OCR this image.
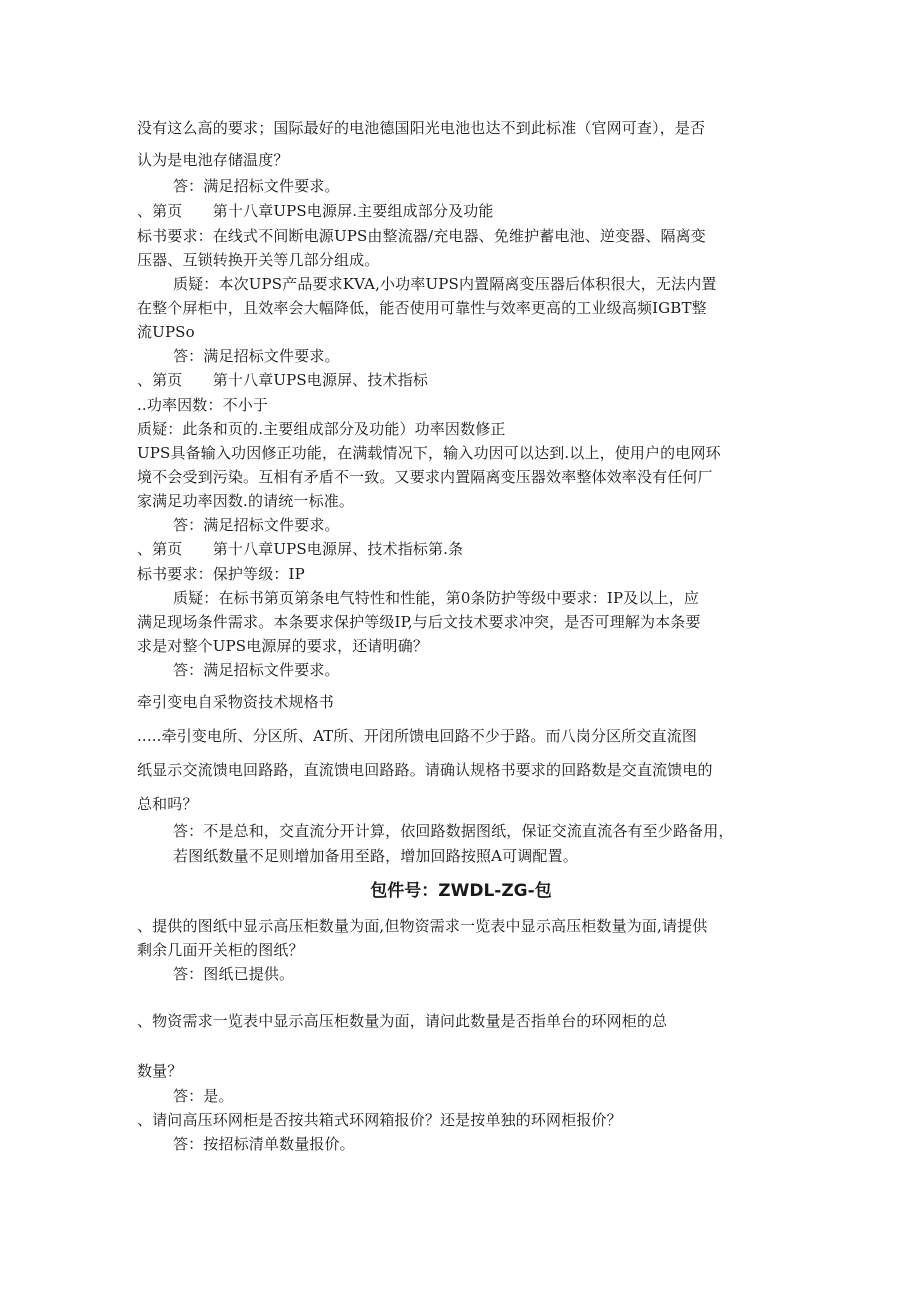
没有这么高的要求；国际最好的电池德国阳光电池也达不到此标准（官网可查），是否
认为是电池存储温度？
答：满足招标文件要求。
、第页　　第十八章UPS电源屏.主要组成部分及功能
标书要求：在线式不间断电源UPS由整流器/充电器、免维护蓄电池、逆变器、隔离变
压器、互锁转换开关等几部分组成。
质疑：本次UPS产品要求KVA,小功率UPS内置隔离变压器后体积很大，无法内置
在整个屏柜中，且效率会大幅降低，能否使用可靠性与效率更高的工业级高频IGBT整
流UPSo
答：满足招标文件要求。
、第页　　第十八章UPS电源屏、技术指标
..功率因数：不小于
质疑：此条和页的.主要组成部分及功能）功率因数修正
UPS具备输入功因修正功能，在满载情况下，输入功因可以达到.以上，使用户的电网环
境不会受到污染。互相有矛盾不一致。又要求内置隔离变压器效率整体效率没有任何厂
家满足功率因数.的请统一标准。
答：满足招标文件要求。
、第页　　第十八章UPS电源屏、技术指标第.条
标书要求：保护等级：IP
质疑：在标书第页第条电气特性和性能，第0条防护等级中要求：IP及以上，应
满足现场条件需求。本条要求保护等级IP,与后文技术要求冲突，是否可理解为本条要
求是对整个UPS电源屏的要求，还请明确？
答：满足招标文件要求。
牵引变电自采物资技术规格书
.....牵引变电所、分区所、AT所、开闭所馈电回路不少于路。而八岗分区所交直流图
纸显示交流馈电回路路，直流馈电回路路。请确认规格书要求的回路数是交直流馈电的
总和吗？
答：不是总和，交直流分开计算，依回路数据图纸，保证交流直流各有至少路备用，
若图纸数量不足则增加备用至路，增加回路按照A可调配置。
包件号：ZWDL-ZG-包
、提供的图纸中显示高压柜数量为面,但物资需求一览表中显示高压柜数量为面,请提供
剩余几面开关柜的图纸？
答：图纸已提供。
、物资需求一览表中显示高压柜数量为面，请问此数量是否指单台的环网柜的总
数量？
答：是。
、请问高压环网柜是否按共箱式环网箱报价？还是按单独的环网柜报价？
答：按招标清单数量报价。
